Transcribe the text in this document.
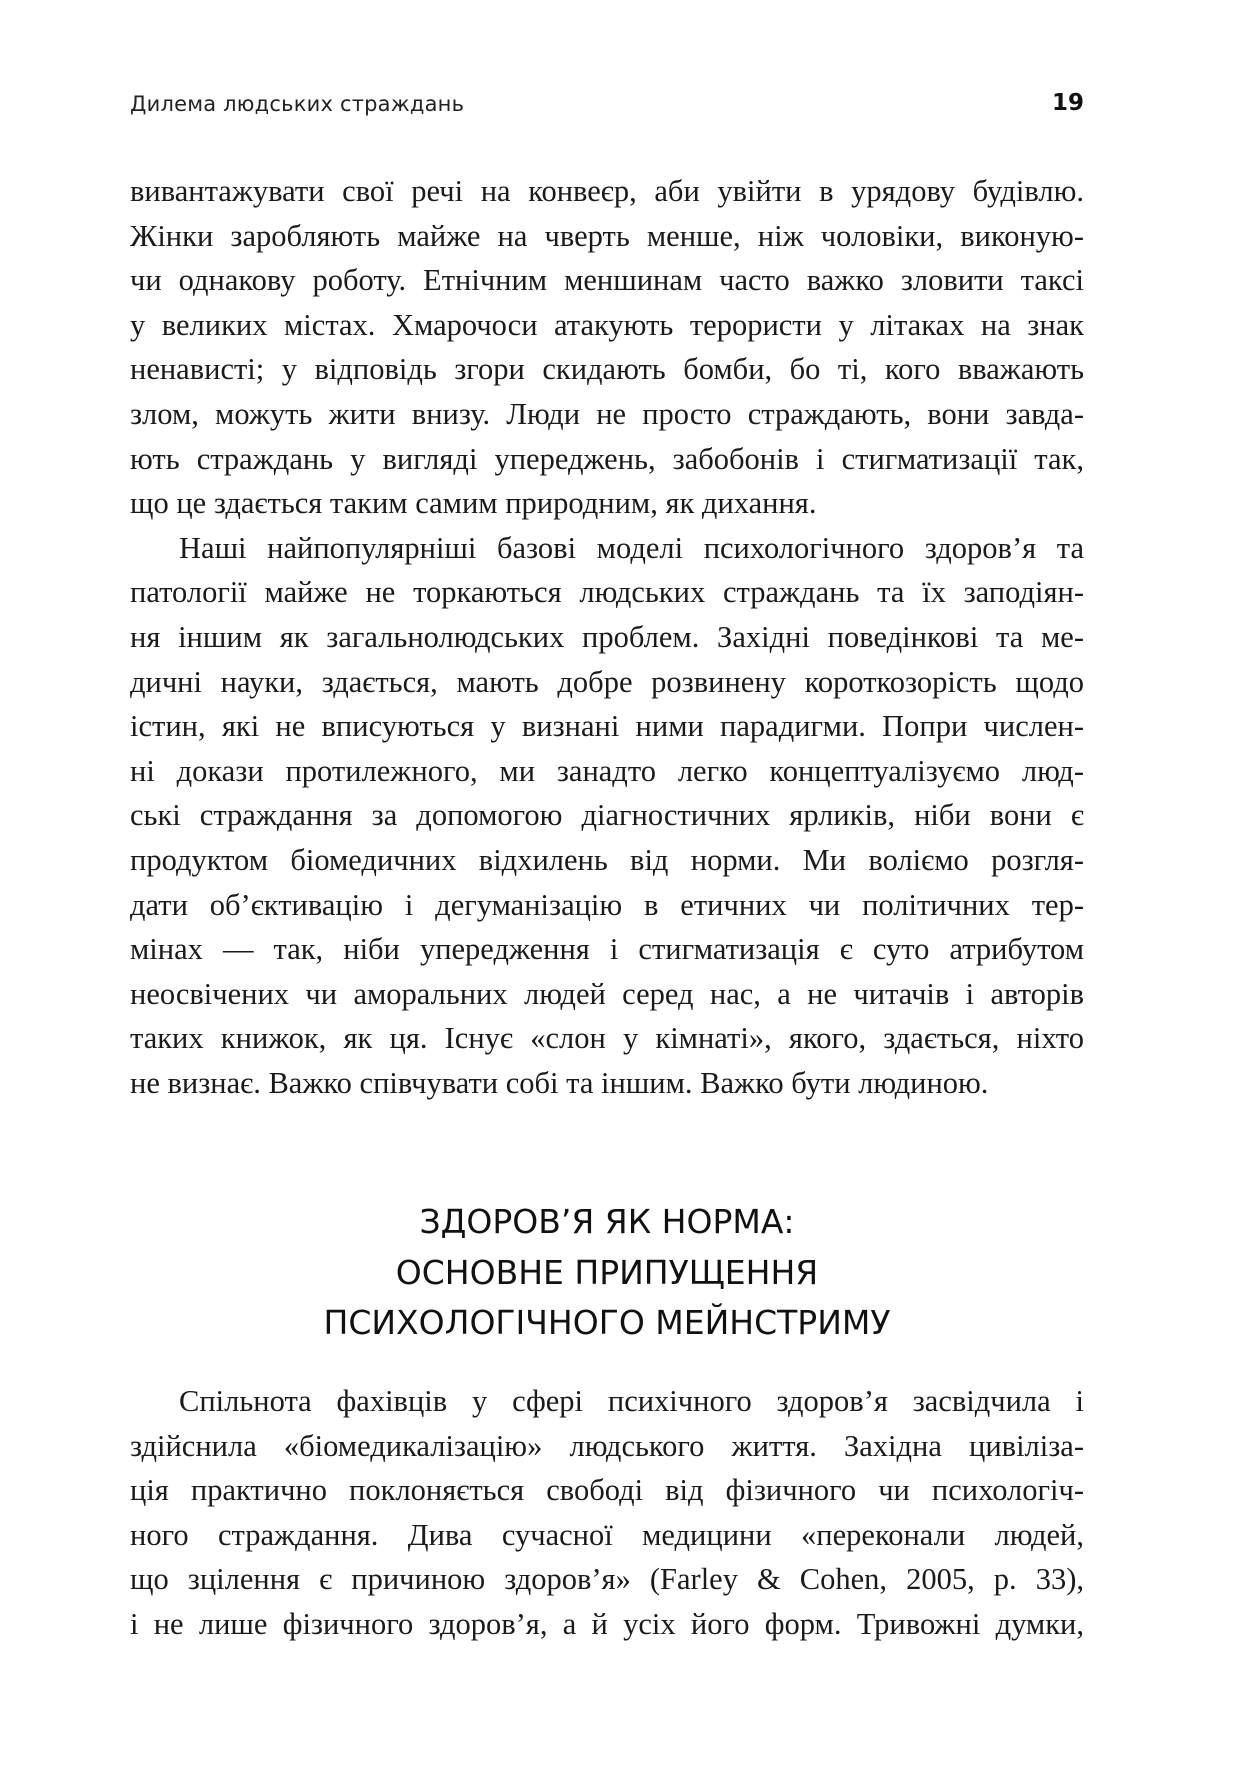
Дилема людських страждань	19
вивантажувати свої речі на конвеєр, аби увійти в урядову будівлю.
Жінки заробляють майже на чверть менше, ніж чоловіки, виконую-
чи однакову роботу. Етнічним меншинам часто важко зловити таксі
у великих містах. Хмарочоси атакують терористи у літаках на знак
ненависті; у відповідь згори скидають бомби, бо ті, кого вважають
злом, можуть жити внизу. Люди не просто страждають, вони завда-
ють страждань у вигляді упереджень, забобонів і стигматизації так,
що це здається таким самим природним, як дихання.
Наші найпопулярніші базові моделі психологічного здоров’я та
патології майже не торкаються людських страждань та їх заподіян-
ня іншим як загальнолюдських проблем. Західні поведінкові та ме-
дичні науки, здається, мають добре розвинену короткозорість щодо
істин, які не вписуються у визнані ними парадигми. Попри числен-
ні докази протилежного, ми занадто легко концептуалізуємо люд-
ські страждання за допомогою діагностичних ярликів, ніби вони є
продуктом біомедичних відхилень від норми. Ми воліємо розгля-
дати об’єктивацію і дегуманізацію в етичних чи політичних тер-
мінах — так, ніби упередження і стигматизація є суто атрибутом
неосвічених чи аморальних людей серед нас, а не читачів і авторів
таких книжок, як ця. Існує «слон у кімнаті», якого, здається, ніхто
не визнає. Важко співчувати собі та іншим. Важко бути людиною.
ЗДОРОВ’Я ЯК НОРМА:
ОСНОВНЕ ПРИПУЩЕННЯ
ПСИХОЛОГІЧНОГО МЕЙНСТРИМУ
Спільнота фахівців у сфері психічного здоров’я засвідчила і
здійснила «біомедикалізацію» людського життя. Західна цивіліза-
ція практично поклоняється свободі від фізичного чи психологіч-
ного страждання. Дива сучасної медицини «переконали людей,
що зцілення є причиною здоров’я» (Farley & Cohen, 2005, p. 33),
і не лише фізичного здоров’я, а й усіх його форм. Тривожні думки,
